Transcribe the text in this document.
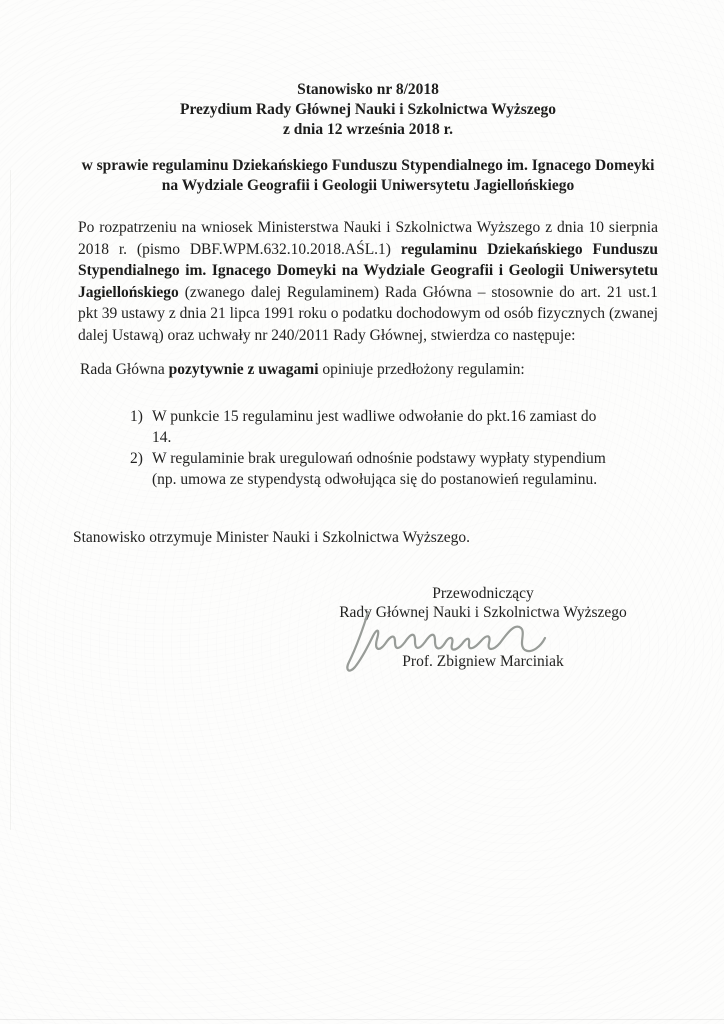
Stanowisko nr 8/2018
Prezydium Rady Głównej Nauki i Szkolnictwa Wyższego
z dnia 12 września 2018 r.
w sprawie regulaminu Dziekańskiego Funduszu Stypendialnego im. Ignacego Domeyki
na Wydziale Geografii i Geologii Uniwersytetu Jagiellońskiego

Po rozpatrzeniu na wniosek Ministerstwa Nauki i Szkolnictwa Wyższego z dnia 10 sierpnia 2018 r. (pismo DBF.WPM.632.10.2018.AŚL.1) regulaminu Dziekańskiego Funduszu Stypendialnego im. Ignacego Domeyki na Wydziale Geografii i Geologii Uniwersytetu Jagiellońskiego (zwanego dalej Regulaminem) Rada Główna – stosownie do art. 21 ust.1 pkt 39 ustawy z dnia 21 lipca 1991 roku o podatku dochodowym od osób fizycznych (zwanej dalej Ustawą) oraz uchwały nr 240/2011 Rady Głównej, stwierdza co następuje:

Rada Główna pozytywnie z uwagami opiniuje przedłożony regulamin:

1) W punkcie 15 regulaminu jest wadliwe odwołanie do pkt.16 zamiast do 14.
2) W regulaminie brak uregulowań odnośnie podstawy wypłaty stypendium (np. umowa ze stypendystą odwołująca się do postanowień regulaminu.

Stanowisko otrzymuje Minister Nauki i Szkolnictwa Wyższego.

Przewodniczący
Rady Głównej Nauki i Szkolnictwa Wyższego
Prof. Zbigniew Marciniak
